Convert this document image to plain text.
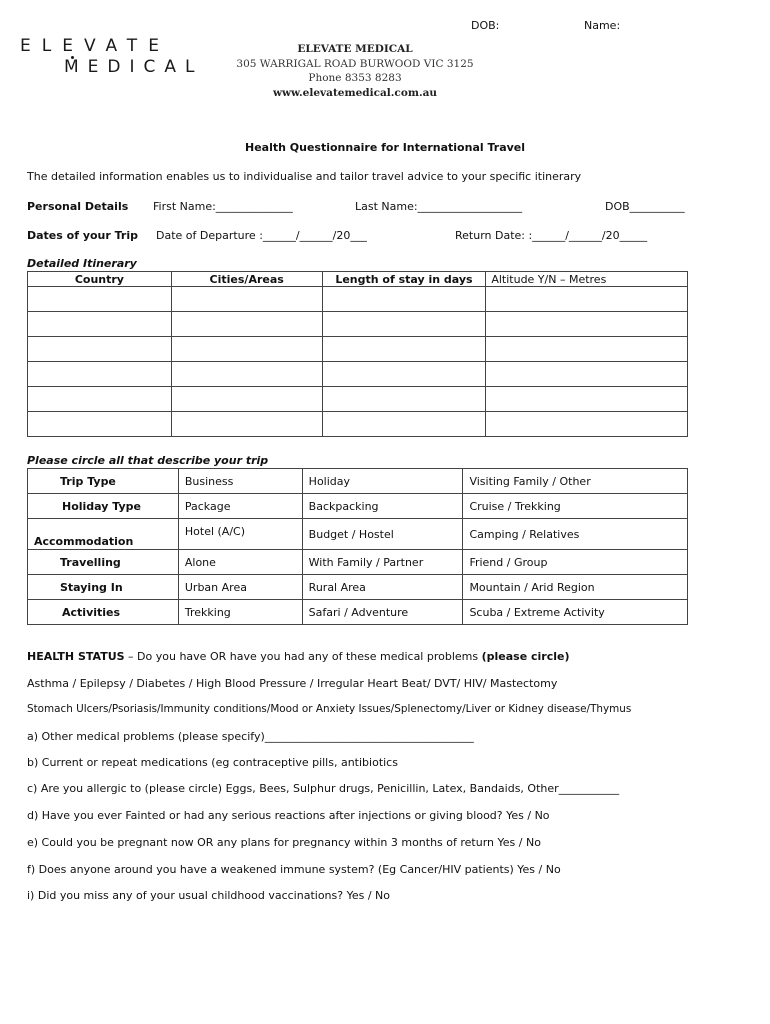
DOB:	Name:
ELEVATE
MEDICAL
ELEVATE MEDICAL
305 WARRIGAL ROAD BURWOOD VIC 3125
Phone 8353 8283
www.elevatemedical.com.au
Health Questionnaire for International Travel
The detailed information enables us to individualise and tailor travel advice to your specific itinerary
Personal Details First Name:______________	Last Name:___________________	DOB__________
Dates of your Trip Date of Departure :______/______/20___	Return Date: :______/______/20_____
Detailed Itinerary
Country	Cities/Areas	Length of stay in days	Altitude Y/N – Metres

Please circle all that describe your trip
Trip Type	Business	Holiday	Visiting Family / Other
Holiday Type	Package	Backpacking	Cruise / Trekking
Accommodation	Hotel (A/C)	Budget / Hostel	Camping / Relatives
Travelling	Alone	With Family / Partner	Friend / Group
Staying In	Urban Area	Rural Area	Mountain / Arid Region
Activities	Trekking	Safari / Adventure	Scuba / Extreme Activity
HEALTH STATUS – Do you have OR have you had any of these medical problems (please circle)
Asthma / Epilepsy / Diabetes / High Blood Pressure / Irregular Heart Beat/ DVT/ HIV/ Mastectomy
Stomach Ulcers/Psoriasis/Immunity conditions/Mood or Anxiety Issues/Splenectomy/Liver or Kidney disease/Thymus
a) Other medical problems (please specify)______________________________________
b) Current or repeat medications (eg contraceptive pills, antibiotics
c) Are you allergic to (please circle) Eggs, Bees, Sulphur drugs, Penicillin, Latex, Bandaids, Other___________
d) Have you ever Fainted or had any serious reactions after injections or giving blood? Yes / No
e) Could you be pregnant now OR any plans for pregnancy within 3 months of return Yes / No
f) Does anyone around you have a weakened immune system? (Eg Cancer/HIV patients) Yes / No
i) Did you miss any of your usual childhood vaccinations? Yes / No
